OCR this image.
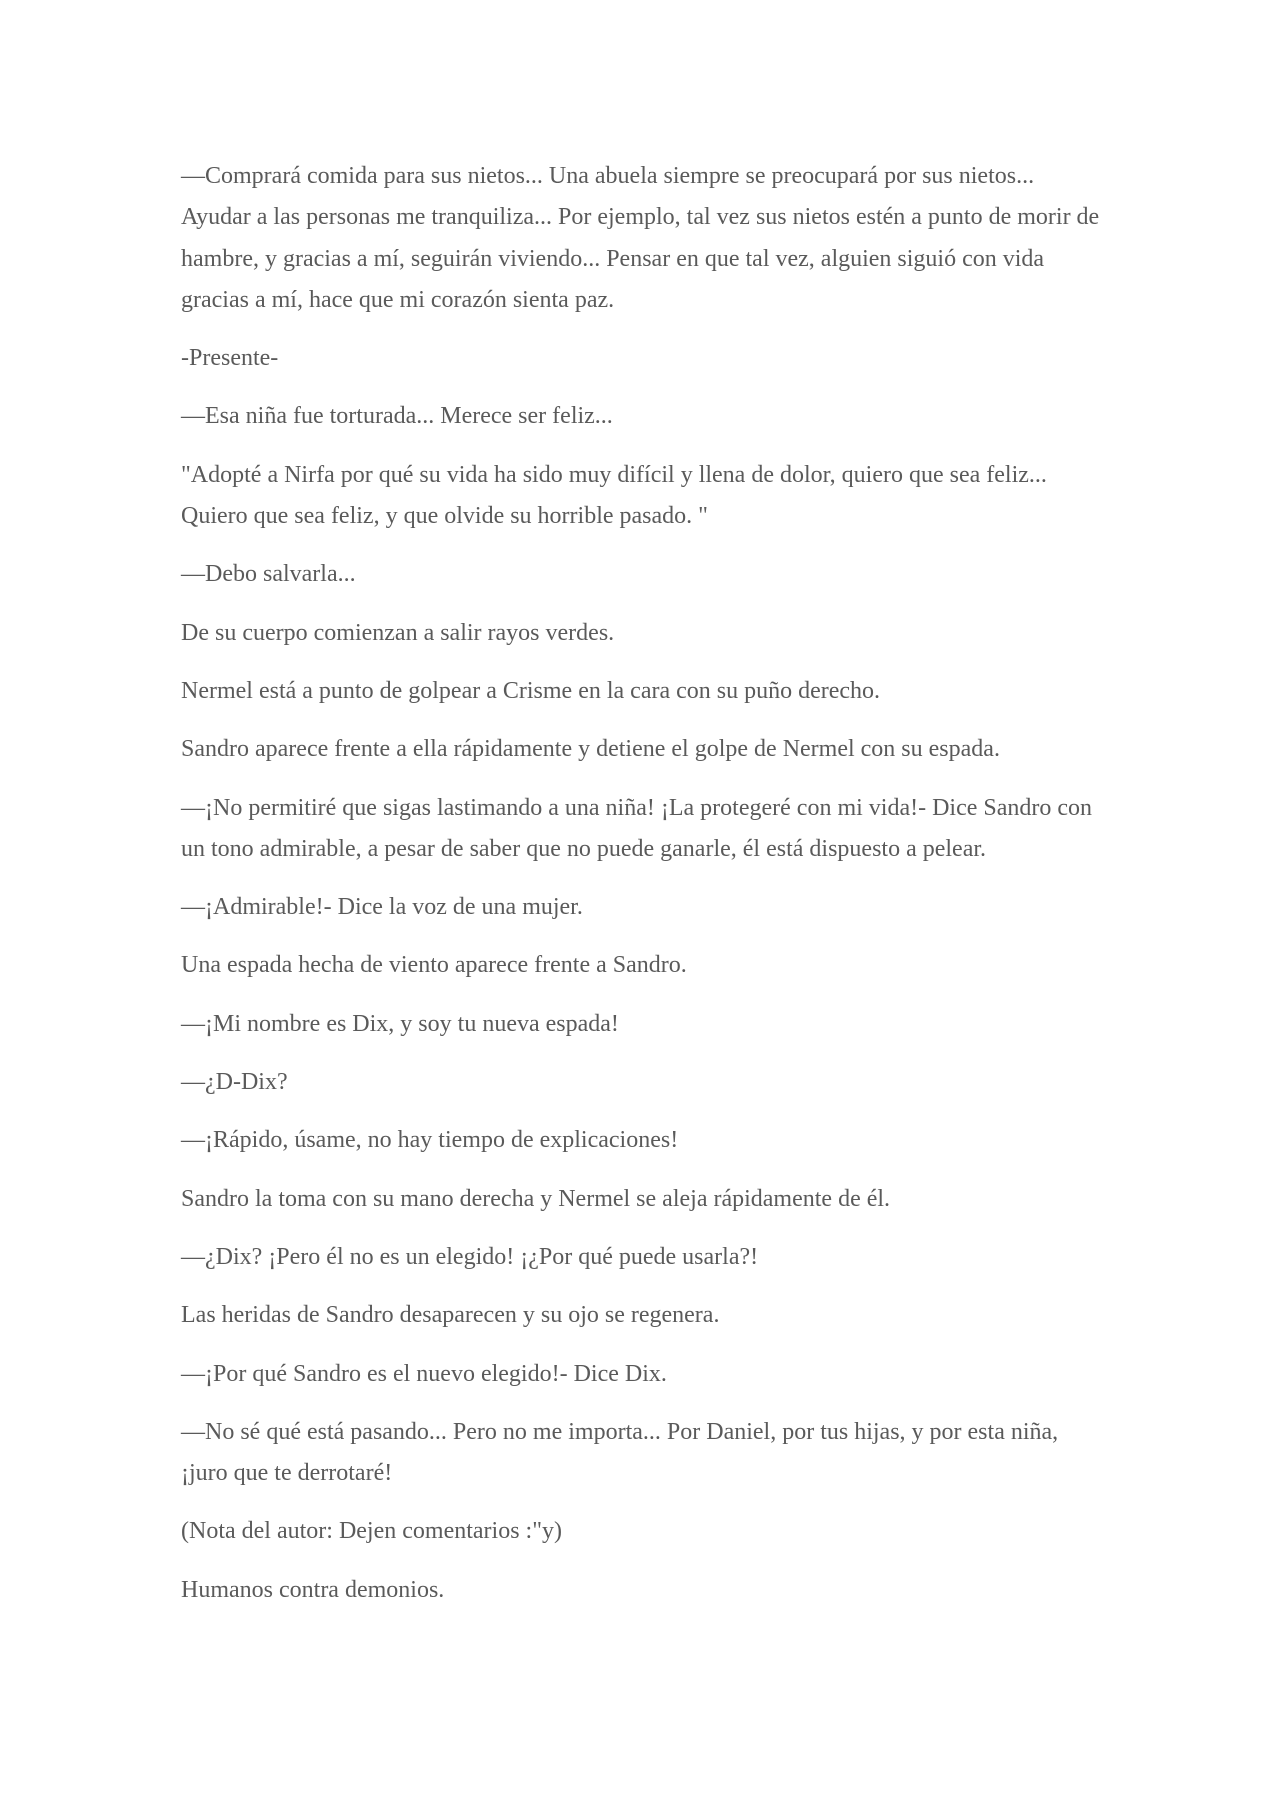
—Comprará comida para sus nietos... Una abuela siempre se preocupará por sus nietos... Ayudar a las personas me tranquiliza... Por ejemplo, tal vez sus nietos estén a punto de morir de hambre, y gracias a mí, seguirán viviendo... Pensar en que tal vez, alguien siguió con vida gracias a mí, hace que mi corazón sienta paz.

-Presente-

—Esa niña fue torturada... Merece ser feliz...

"Adopté a Nirfa por qué su vida ha sido muy difícil y llena de dolor, quiero que sea feliz... Quiero que sea feliz, y que olvide su horrible pasado. "

—Debo salvarla...

De su cuerpo comienzan a salir rayos verdes.

Nermel está a punto de golpear a Crisme en la cara con su puño derecho.

Sandro aparece frente a ella rápidamente y detiene el golpe de Nermel con su espada.

—¡No permitiré que sigas lastimando a una niña! ¡La protegeré con mi vida!- Dice Sandro con un tono admirable, a pesar de saber que no puede ganarle, él está dispuesto a pelear.

—¡Admirable!- Dice la voz de una mujer.

Una espada hecha de viento aparece frente a Sandro.

—¡Mi nombre es Dix, y soy tu nueva espada!

—¿D-Dix?

—¡Rápido, úsame, no hay tiempo de explicaciones!

Sandro la toma con su mano derecha y Nermel se aleja rápidamente de él.

—¿Dix? ¡Pero él no es un elegido! ¡¿Por qué puede usarla?!

Las heridas de Sandro desaparecen y su ojo se regenera.

—¡Por qué Sandro es el nuevo elegido!- Dice Dix.

—No sé qué está pasando... Pero no me importa... Por Daniel, por tus hijas, y por esta niña, ¡juro que te derrotaré!

(Nota del autor: Dejen comentarios :"y)

Humanos contra demonios.
